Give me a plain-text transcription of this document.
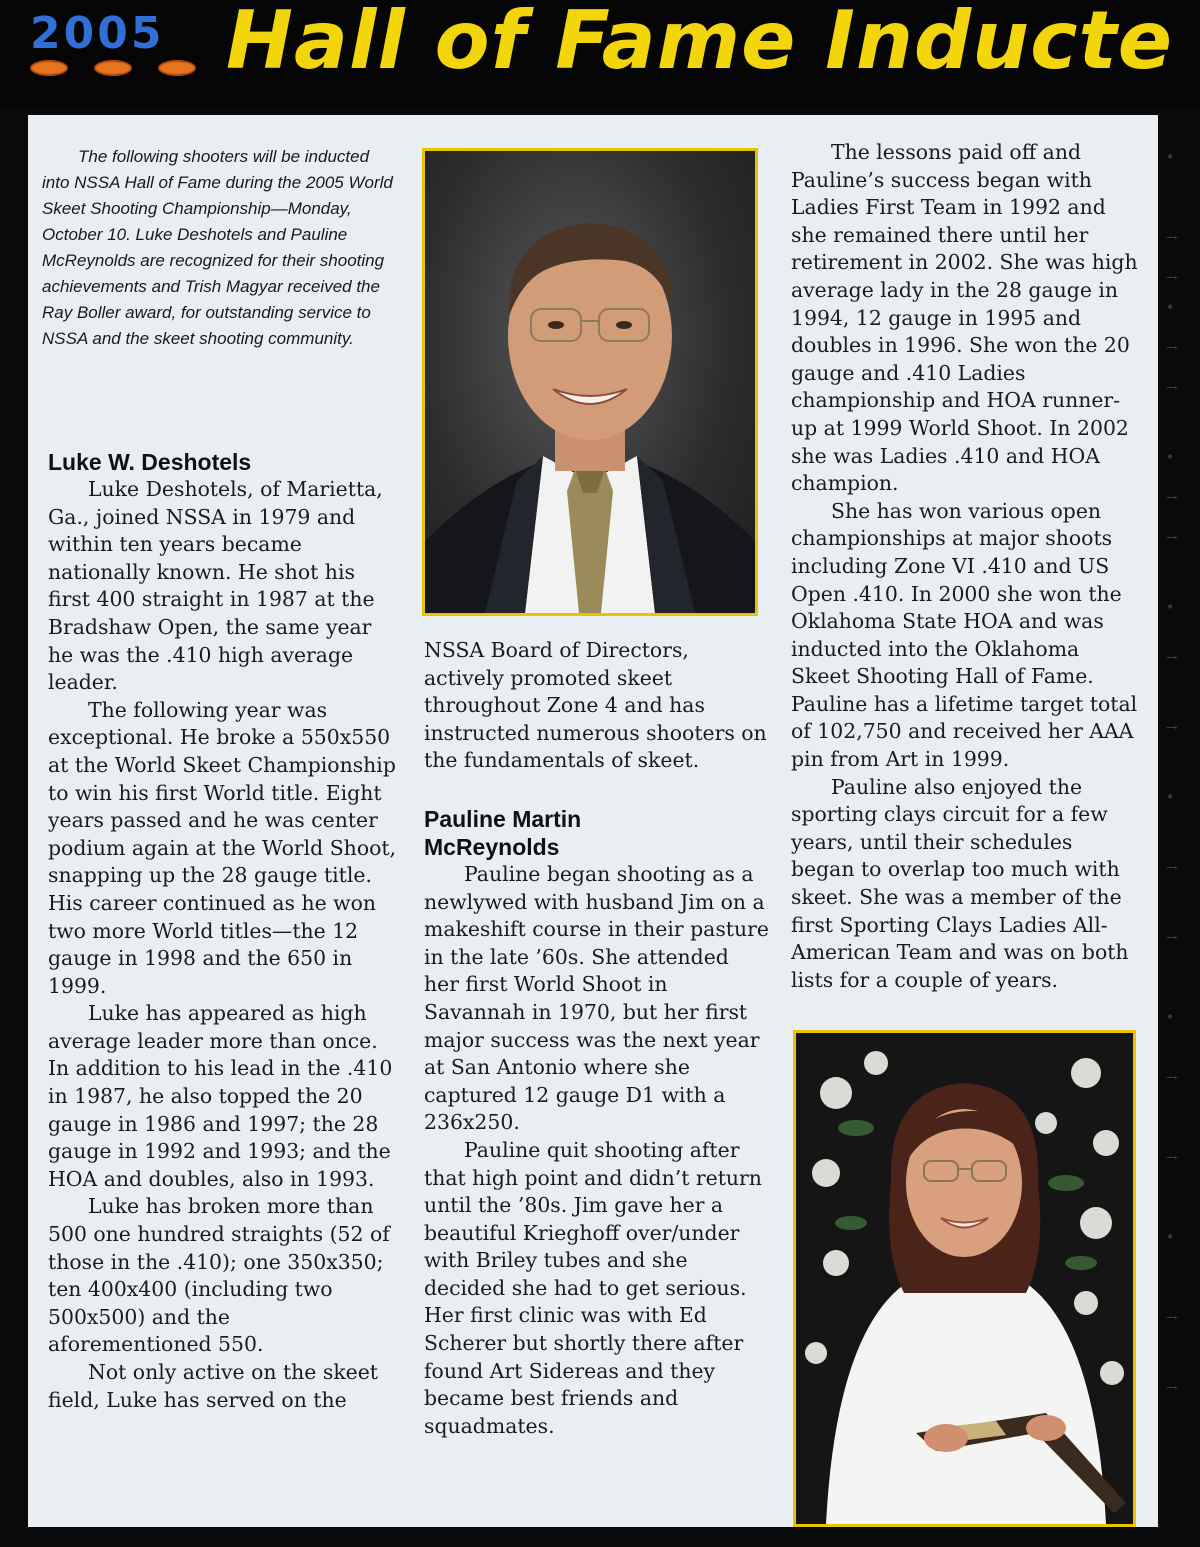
2005 Hall of Fame Inducte

The following shooters will be inducted into NSSA Hall of Fame during the 2005 World Skeet Shooting Championship—Monday, October 10. Luke Deshotels and Pauline McReynolds are recognized for their shooting achievements and Trish Magyar received the Ray Boller award, for outstanding service to NSSA and the skeet shooting community.

Luke W. Deshotels

Luke Deshotels, of Marietta, Ga., joined NSSA in 1979 and within ten years became nationally known. He shot his first 400 straight in 1987 at the Bradshaw Open, the same year he was the .410 high average leader.

The following year was exceptional. He broke a 550x550 at the World Skeet Championship to win his first World title. Eight years passed and he was center podium again at the World Shoot, snapping up the 28 gauge title. His career continued as he won two more World titles—the 12 gauge in 1998 and the 650 in 1999.

Luke has appeared as high average leader more than once. In addition to his lead in the .410 in 1987, he also topped the 20 gauge in 1986 and 1997; the 28 gauge in 1992 and 1993; and the HOA and doubles, also in 1993.

Luke has broken more than 500 one hundred straights (52 of those in the .410); one 350x350; ten 400x400 (including two 500x500) and the aforementioned 550.

Not only active on the skeet field, Luke has served on the

NSSA Board of Directors, actively promoted skeet throughout Zone 4 and has instructed numerous shooters on the fundamentals of skeet.

Pauline Martin
McReynolds

Pauline began shooting as a newlywed with husband Jim on a makeshift course in their pasture in the late ’60s. She attended her first World Shoot in Savannah in 1970, but her first major success was the next year at San Antonio where she captured 12 gauge D1 with a 236x250.

Pauline quit shooting after that high point and didn’t return until the ’80s. Jim gave her a beautiful Krieghoff over/under with Briley tubes and she decided she had to get serious. Her first clinic was with Ed Scherer but shortly there after found Art Sidereas and they became best friends and squadmates.

The lessons paid off and Pauline’s success began with Ladies First Team in 1992 and she remained there until her retirement in 2002. She was high average lady in the 28 gauge in 1994, 12 gauge in 1995 and doubles in 1996. She won the 20 gauge and .410 Ladies championship and HOA runner-up at 1999 World Shoot. In 2002 she was Ladies .410 and HOA champion.

She has won various open championships at major shoots including Zone VI .410 and US Open .410. In 2000 she won the Oklahoma State HOA and was inducted into the Oklahoma Skeet Shooting Hall of Fame. Pauline has a lifetime target total of 102,750 and received her AAA pin from Art in 1999.

Pauline also enjoyed the sporting clays circuit for a few years, until their schedules began to overlap too much with skeet. She was a member of the first Sporting Clays Ladies All-American Team and was on both lists for a couple of years.

•
→
→
•
→
→
•
→
→
•
→
→
•
→
→
•
→
→
•
→
→
